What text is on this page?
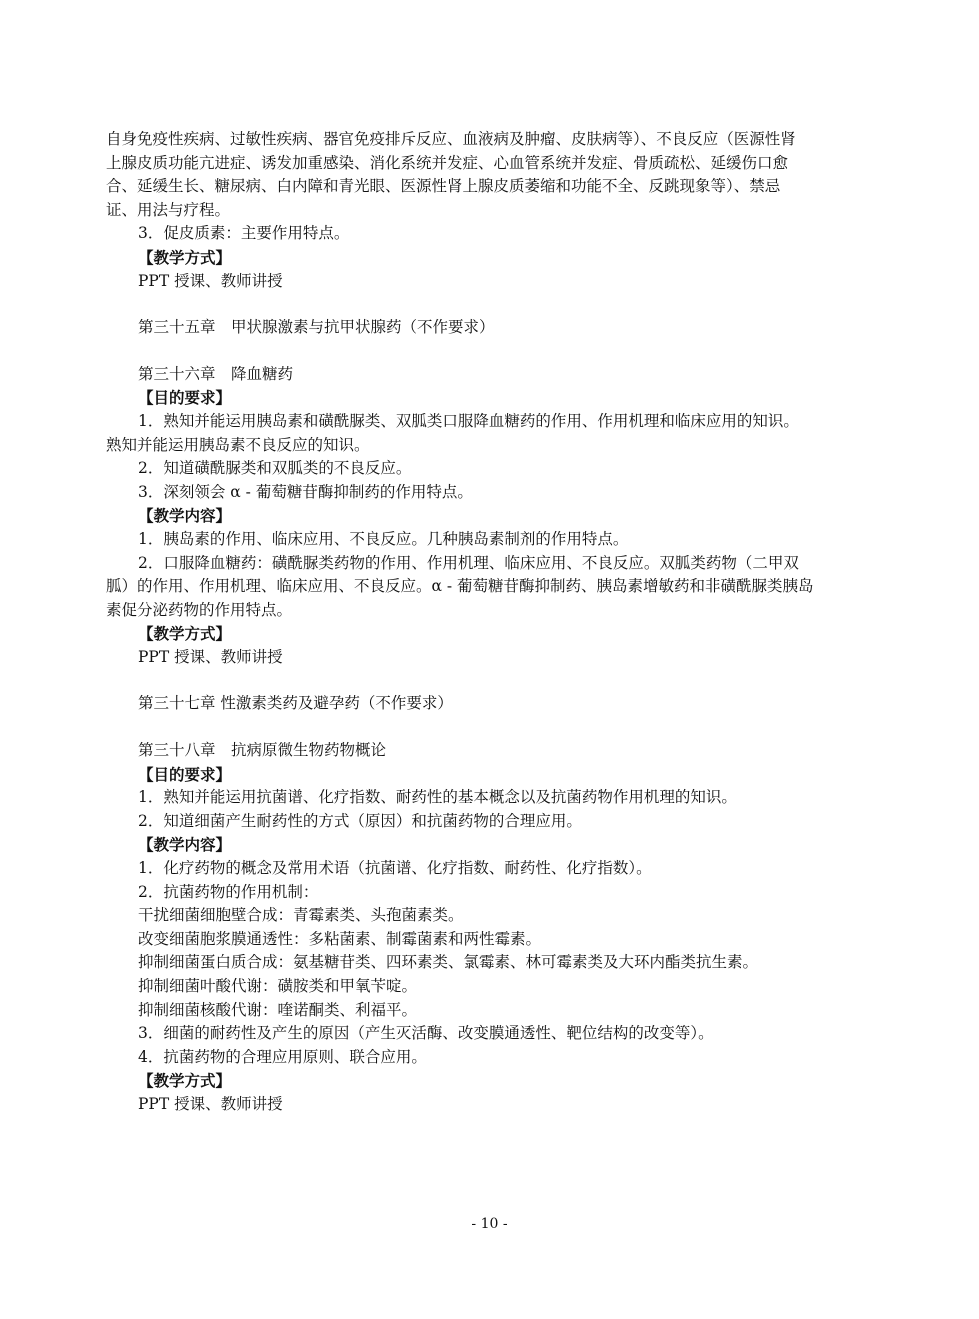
自身免疫性疾病、过敏性疾病、器官免疫排斥反应、血液病及肿瘤、皮肤病等）、不良反应（医源性肾
上腺皮质功能亢进症、诱发加重感染、消化系统并发症、心血管系统并发症、骨质疏松、延缓伤口愈
合、延缓生长、糖尿病、白内障和青光眼、医源性肾上腺皮质萎缩和功能不全、反跳现象等）、禁忌
证、用法与疗程。

3．促皮质素：主要作用特点。

【教学方式】

PPT 授课、教师讲授

第三十五章　甲状腺激素与抗甲状腺药（不作要求）

第三十六章　降血糖药

【目的要求】

1．熟知并能运用胰岛素和磺酰脲类、双胍类口服降血糖药的作用、作用机理和临床应用的知识。
熟知并能运用胰岛素不良反应的知识。

2．知道磺酰脲类和双胍类的不良反应。

3．深刻领会 α - 葡萄糖苷酶抑制药的作用特点。

【教学内容】

1．胰岛素的作用、临床应用、不良反应。几种胰岛素制剂的作用特点。

2．口服降血糖药：磺酰脲类药物的作用、作用机理、临床应用、不良反应。双胍类药物（二甲双
胍）的作用、作用机理、临床应用、不良反应。α - 葡萄糖苷酶抑制药、胰岛素增敏药和非磺酰脲类胰岛
素促分泌药物的作用特点。

【教学方式】

PPT 授课、教师讲授

第三十七章 性激素类药及避孕药（不作要求）

第三十八章　抗病原微生物药物概论

【目的要求】

1．熟知并能运用抗菌谱、化疗指数、耐药性的基本概念以及抗菌药物作用机理的知识。

2．知道细菌产生耐药性的方式（原因）和抗菌药物的合理应用。

【教学内容】

1．化疗药物的概念及常用术语（抗菌谱、化疗指数、耐药性、化疗指数）。

2．抗菌药物的作用机制：

干扰细菌细胞壁合成：青霉素类、头孢菌素类。

改变细菌胞浆膜通透性：多粘菌素、制霉菌素和两性霉素。

抑制细菌蛋白质合成：氨基糖苷类、四环素类、氯霉素、林可霉素类及大环内酯类抗生素。

抑制细菌叶酸代谢：磺胺类和甲氧苄啶。

抑制细菌核酸代谢：喹诺酮类、利福平。

3．细菌的耐药性及产生的原因（产生灭活酶、改变膜通透性、靶位结构的改变等）。

4．抗菌药物的合理应用原则、联合应用。

【教学方式】

PPT 授课、教师讲授

- 10 -
